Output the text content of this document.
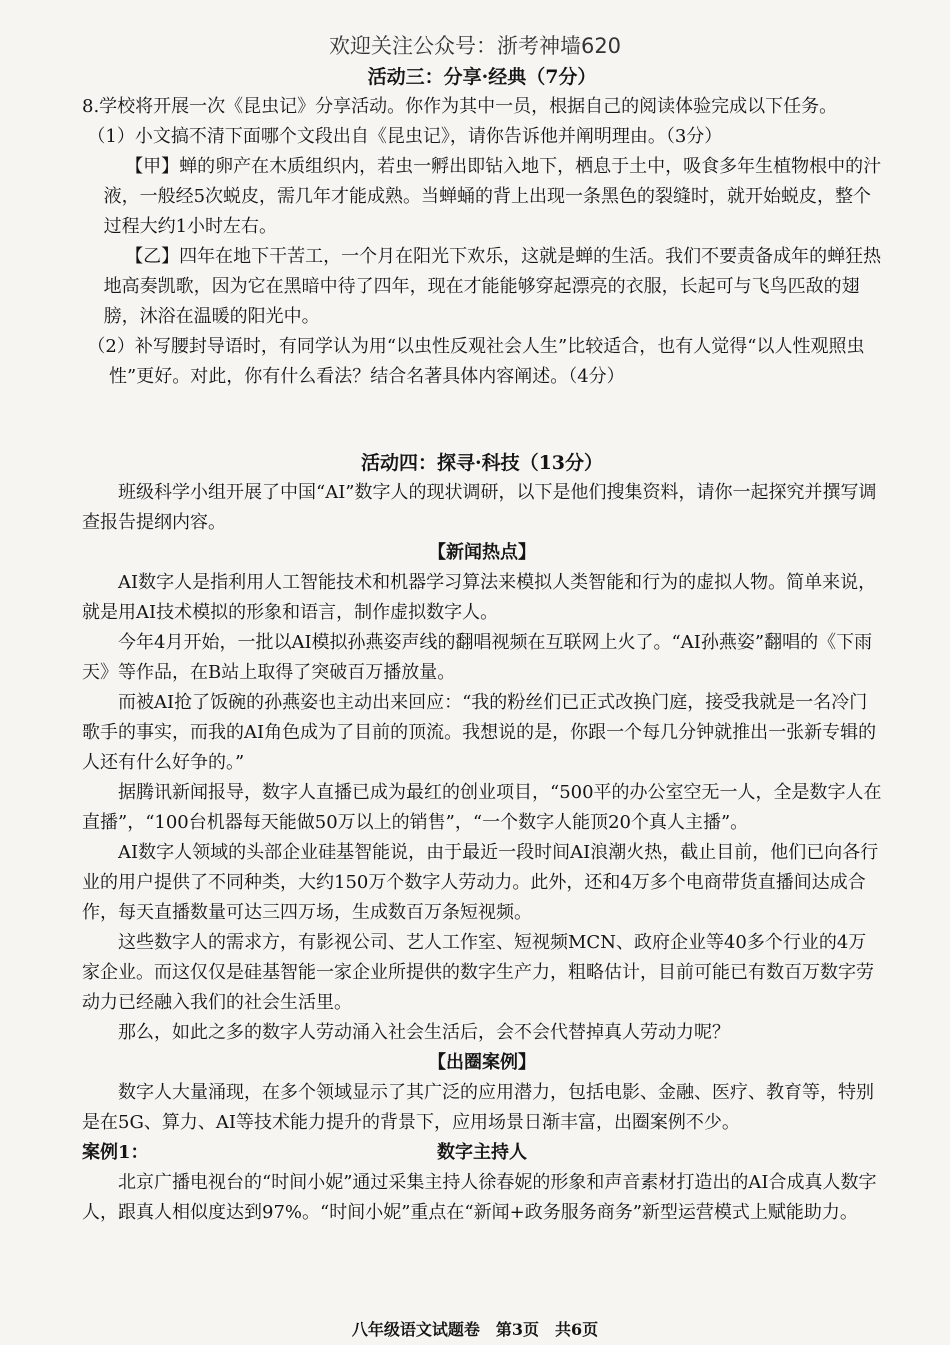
欢迎关注公众号：浙考神墙620
活动三：分享·经典（7分）

8.学校将开展一次《昆虫记》分享活动。你作为其中一员，根据自己的阅读体验完成以下任务。

（1）小文搞不清下面哪个文段出自《昆虫记》，请你告诉他并阐明理由。（3分）

【甲】蝉的卵产在木质组织内，若虫一孵出即钻入地下，栖息于土中，吸食多年生植物根中的汁液，一般经5次蜕皮，需几年才能成熟。当蝉蛹的背上出现一条黑色的裂缝时，就开始蜕皮，整个过程大约1小时左右。

【乙】四年在地下干苦工，一个月在阳光下欢乐，这就是蝉的生活。我们不要责备成年的蝉狂热地高奏凯歌，因为它在黑暗中待了四年，现在才能能够穿起漂亮的衣服，长起可与飞鸟匹敌的翅膀，沐浴在温暖的阳光中。

（2）补写腰封导语时，有同学认为用“以虫性反观社会人生”比较适合，也有人觉得“以人性观照虫性”更好。对此，你有什么看法？结合名著具体内容阐述。（4分）

活动四：探寻·科技（13分）

班级科学小组开展了中国“AI”数字人的现状调研，以下是他们搜集资料，请你一起探究并撰写调查报告提纲内容。

【新闻热点】

AI数字人是指利用人工智能技术和机器学习算法来模拟人类智能和行为的虚拟人物。简单来说，就是用AI技术模拟的形象和语言，制作虚拟数字人。

今年4月开始，一批以AI模拟孙燕姿声线的翻唱视频在互联网上火了。“AI孙燕姿”翻唱的《下雨天》等作品，在B站上取得了突破百万播放量。

而被AI抢了饭碗的孙燕姿也主动出来回应：“我的粉丝们已正式改换门庭，接受我就是一名冷门歌手的事实，而我的AI角色成为了目前的顶流。我想说的是，你跟一个每几分钟就推出一张新专辑的人还有什么好争的。”

据腾讯新闻报导，数字人直播已成为最红的创业项目，“500平的办公室空无一人，全是数字人在直播”，“100台机器每天能做50万以上的销售”，“一个数字人能顶20个真人主播”。

AI数字人领域的头部企业硅基智能说，由于最近一段时间AI浪潮火热，截止目前，他们已向各行业的用户提供了不同种类，大约150万个数字人劳动力。此外，还和4万多个电商带货直播间达成合作，每天直播数量可达三四万场，生成数百万条短视频。

这些数字人的需求方，有影视公司、艺人工作室、短视频MCN、政府企业等40多个行业的4万家企业。而这仅仅是硅基智能一家企业所提供的数字生产力，粗略估计，目前可能已有数百万数字劳动力已经融入我们的社会生活里。

那么，如此之多的数字人劳动涌入社会生活后，会不会代替掉真人劳动力呢？

【出圈案例】

数字人大量涌现，在多个领域显示了其广泛的应用潜力，包括电影、金融、医疗、教育等，特别是在5G、算力、AI等技术能力提升的背景下，应用场景日渐丰富，出圈案例不少。

案例1：	数字主持人

北京广播电视台的“时间小妮”通过采集主持人徐春妮的形象和声音素材打造出的AI合成真人数字人，跟真人相似度达到97%。“时间小妮”重点在“新闻+政务服务商务”新型运营模式上赋能助力。

八年级语文试题卷　第3页　共6页
